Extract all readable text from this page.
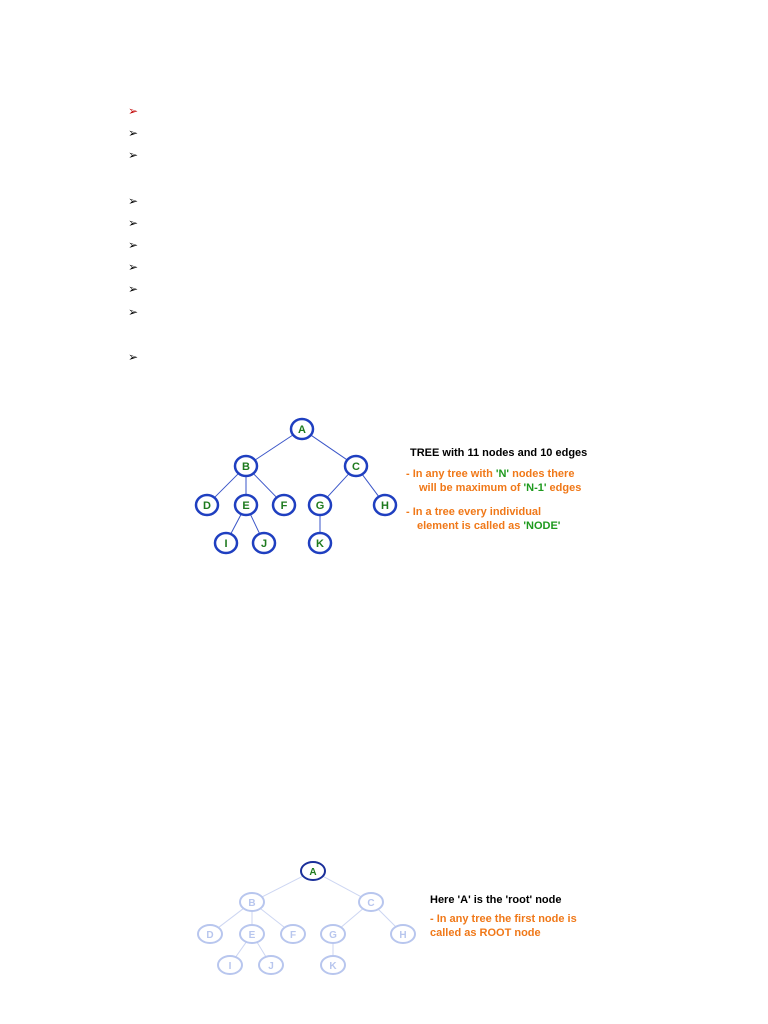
➢
➢
➢
➢
➢
➢
➢
➢
➢
➢
A
B	C
D	E	F	G	H
I	J	K
TREE with 11 nodes and 10 edges
- In any tree with 'N' nodes there
will be maximum of 'N-1' edges
- In a tree every individual
element is called as 'NODE'
A
B	C
D	E	F	G	H
I	J	K
Here 'A' is the 'root' node
- In any tree the first node is
called as ROOT node
